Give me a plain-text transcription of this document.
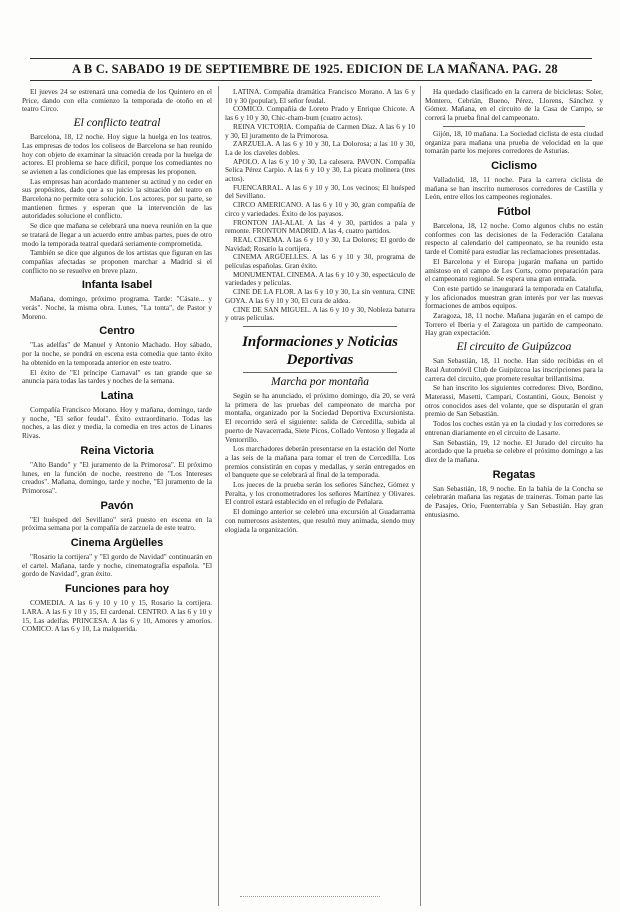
A B C. SABADO 19 DE SEPTIEMBRE DE 1925. EDICION DE LA MAÑANA. PAG. 28

El jueves 24 se estrenará una comedia de los Quintero en el Price, dando con ella comienzo la temporada de otoño en el teatro Circo.

El conflicto teatral

Barcelona, 18, 12 noche. Hoy sigue la huelga en los teatros. Las empresas de todos los coliseos de Barcelona se han reunido hoy con objeto de examinar la situación creada por la huelga de actores. El problema se hace difícil, porque los comediantes no se avienen a las condiciones que las empresas les proponen.

Las empresas han acordado mantener su actitud y no ceder en sus propósitos, dado que a su juicio la situación del teatro en Barcelona no permite otra solución. Los actores, por su parte, se mantienen firmes y esperan que la intervención de las autoridades solucione el conflicto.

Se dice que mañana se celebrará una nueva reunión en la que se tratará de llegar a un acuerdo entre ambas partes, pues de otro modo la temporada teatral quedará seriamente comprometida.

También se dice que algunos de los artistas que figuran en las compañías afectadas se proponen marchar a Madrid si el conflicto no se resuelve en breve plazo.

Infanta Isabel

Mañana, domingo, próximo programa. Tarde: "Cásate... y verás". Noche, la misma obra. Lunes, "La tonta", de Pastor y Moreno.

Centro

"Las adelfas" de Manuel y Antonio Machado. Hoy sábado, por la noche, se pondrá en escena esta comedia que tanto éxito ha obtenido en la temporada anterior en este teatro.

El éxito de "El príncipe Carnaval" es tan grande que se anuncia para todas las tardes y noches de la semana.

Latina

Compañía Francisco Morano. Hoy y mañana, domingo, tarde y noche, "El señor feudal". Éxito extraordinario. Todas las noches, a las diez y media, la comedia en tres actos de Linares Rivas.

Reina Victoria

"Alto Bando" y "El juramento de la Primorosa". El próximo lunes, en la función de noche, reestreno de "Los Intereses creados". Mañana, domingo, tarde y noche, "El juramento de la Primorosa".

Pavón

"El huésped del Sevillano" será puesto en escena en la próxima semana por la compañía de zarzuela de este teatro.

Cinema Argüelles

"Rosario la cortijera" y "El gordo de Navidad" continuarán en el cartel. Mañana, tarde y noche, cinematografía española. "El gordo de Navidad", gran éxito.

Funciones para hoy

COMEDIA. A las 6 y 10 y 10 y 15, Rosario la cortijera. LARA. A las 6 y 10 y 15, El cardenal. CENTRO. A las 6 y 10 y 15, Las adelfas. PRINCESA. A las 6 y 10, Amores y amoríos. COMICO. A las 6 y 10, La malquerida.

LATINA. Compañía dramática Francisco Morano. A las 6 y 10 y 30 (popular), El señor feudal.

COMICO. Compañía de Loreto Prado y Enrique Chicote. A las 6 y 10 y 30, Chic-cham-bum (cuatro actos).

REINA VICTORIA. Compañía de Carmen Díaz. A las 6 y 10 y 30, El juramento de la Primorosa.

ZARZUELA. A las 6 y 10 y 30, La Dolorosa; a las 10 y 30, La de los claveles dobles.

APOLO. A las 6 y 10 y 30, La calesera. PAVON. Compañía Selica Pérez Carpio. A las 6 y 10 y 30, La pícara molinera (tres actos).

FUENCARRAL. A las 6 y 10 y 30, Los vecinos; El huésped del Sevillano.

CIRCO AMERICANO. A las 6 y 10 y 30, gran compañía de circo y variedades. Éxito de los payasos.

FRONTON JAI-ALAI. A las 4 y 30, partidos a pala y remonte. FRONTON MADRID. A las 4, cuatro partidos.

REAL CINEMA. A las 6 y 10 y 30, La Dolores; El gordo de Navidad; Rosario la cortijera.

CINEMA ARGÜELLES. A las 6 y 10 y 30, programa de películas españolas. Gran éxito.

MONUMENTAL CINEMA. A las 6 y 10 y 30, espectáculo de variedades y películas.

CINE DE LA FLOR. A las 6 y 10 y 30, La sin ventura. CINE GOYA. A las 6 y 10 y 30, El cura de aldea.

CINE DE SAN MIGUEL. A las 6 y 10 y 30, Nobleza baturra y otras películas.

Informaciones y Noticias Deportivas
Marcha por montaña

Según se ha anunciado, el próximo domingo, día 20, se verá la primera de las pruebas del campeonato de marcha por montaña, organizado por la Sociedad Deportiva Excursionista. El recorrido será el siguiente: salida de Cercedilla, subida al puerto de Navacerrada, Siete Picos, Collado Ventoso y llegada al Ventorrillo.

Los marchadores deberán presentarse en la estación del Norte a las seis de la mañana para tomar el tren de Cercedilla. Los premios consistirán en copas y medallas, y serán entregados en el banquete que se celebrará al final de la temporada.

Los jueces de la prueba serán los señores Sánchez, Gómez y Peralta, y los cronometradores los señores Martínez y Olivares. El control estará establecido en el refugio de Peñalara.

El domingo anterior se celebró una excursión al Guadarrama con numerosos asistentes, que resultó muy animada, siendo muy elogiada la organización.

Ha quedado clasificado en la carrera de bicicletas: Soler, Montero, Cebrián, Bueno, Pérez, Llorens, Sánchez y Gómez. Mañana, en el circuito de la Casa de Campo, se correrá la prueba final del campeonato.

Gijón, 18, 10 mañana. La Sociedad ciclista de esta ciudad organiza para mañana una prueba de velocidad en la que tomarán parte los mejores corredores de Asturias.

Ciclismo

Valladolid, 18, 11 noche. Para la carrera ciclista de mañana se han inscrito numerosos corredores de Castilla y León, entre ellos los campeones regionales.

Fútbol

Barcelona, 18, 12 noche. Como algunos clubs no están conformes con las decisiones de la Federación Catalana respecto al calendario del campeonato, se ha reunido esta tarde el Comité para estudiar las reclamaciones presentadas.

El Barcelona y el Europa jugarán mañana un partido amistoso en el campo de Les Corts, como preparación para el campeonato regional. Se espera una gran entrada.

Con este partido se inaugurará la temporada en Cataluña, y los aficionados muestran gran interés por ver las nuevas formaciones de ambos equipos.

Zaragoza, 18, 11 noche. Mañana jugarán en el campo de Torrero el Iberia y el Zaragoza un partido de campeonato. Hay gran expectación.

El circuito de Guipúzcoa

San Sebastián, 18, 11 noche. Han sido recibidas en el Real Automóvil Club de Guipúzcoa las inscripciones para la carrera del circuito, que promete resultar brillantísima.

Se han inscrito los siguientes corredores: Divo, Bordino, Materassi, Masetti, Campari, Costantini, Goux, Benoist y otros conocidos ases del volante, que se disputarán el gran premio de San Sebastián.

Todos los coches están ya en la ciudad y los corredores se entrenan diariamente en el circuito de Lasarte.

San Sebastián, 19, 12 noche. El Jurado del circuito ha acordado que la prueba se celebre el próximo domingo a las diez de la mañana.

Regatas

San Sebastián, 18, 9 noche. En la bahía de la Concha se celebrarán mañana las regatas de traineras. Toman parte las de Pasajes, Orio, Fuenterrabía y San Sebastián. Hay gran entusiasmo.
